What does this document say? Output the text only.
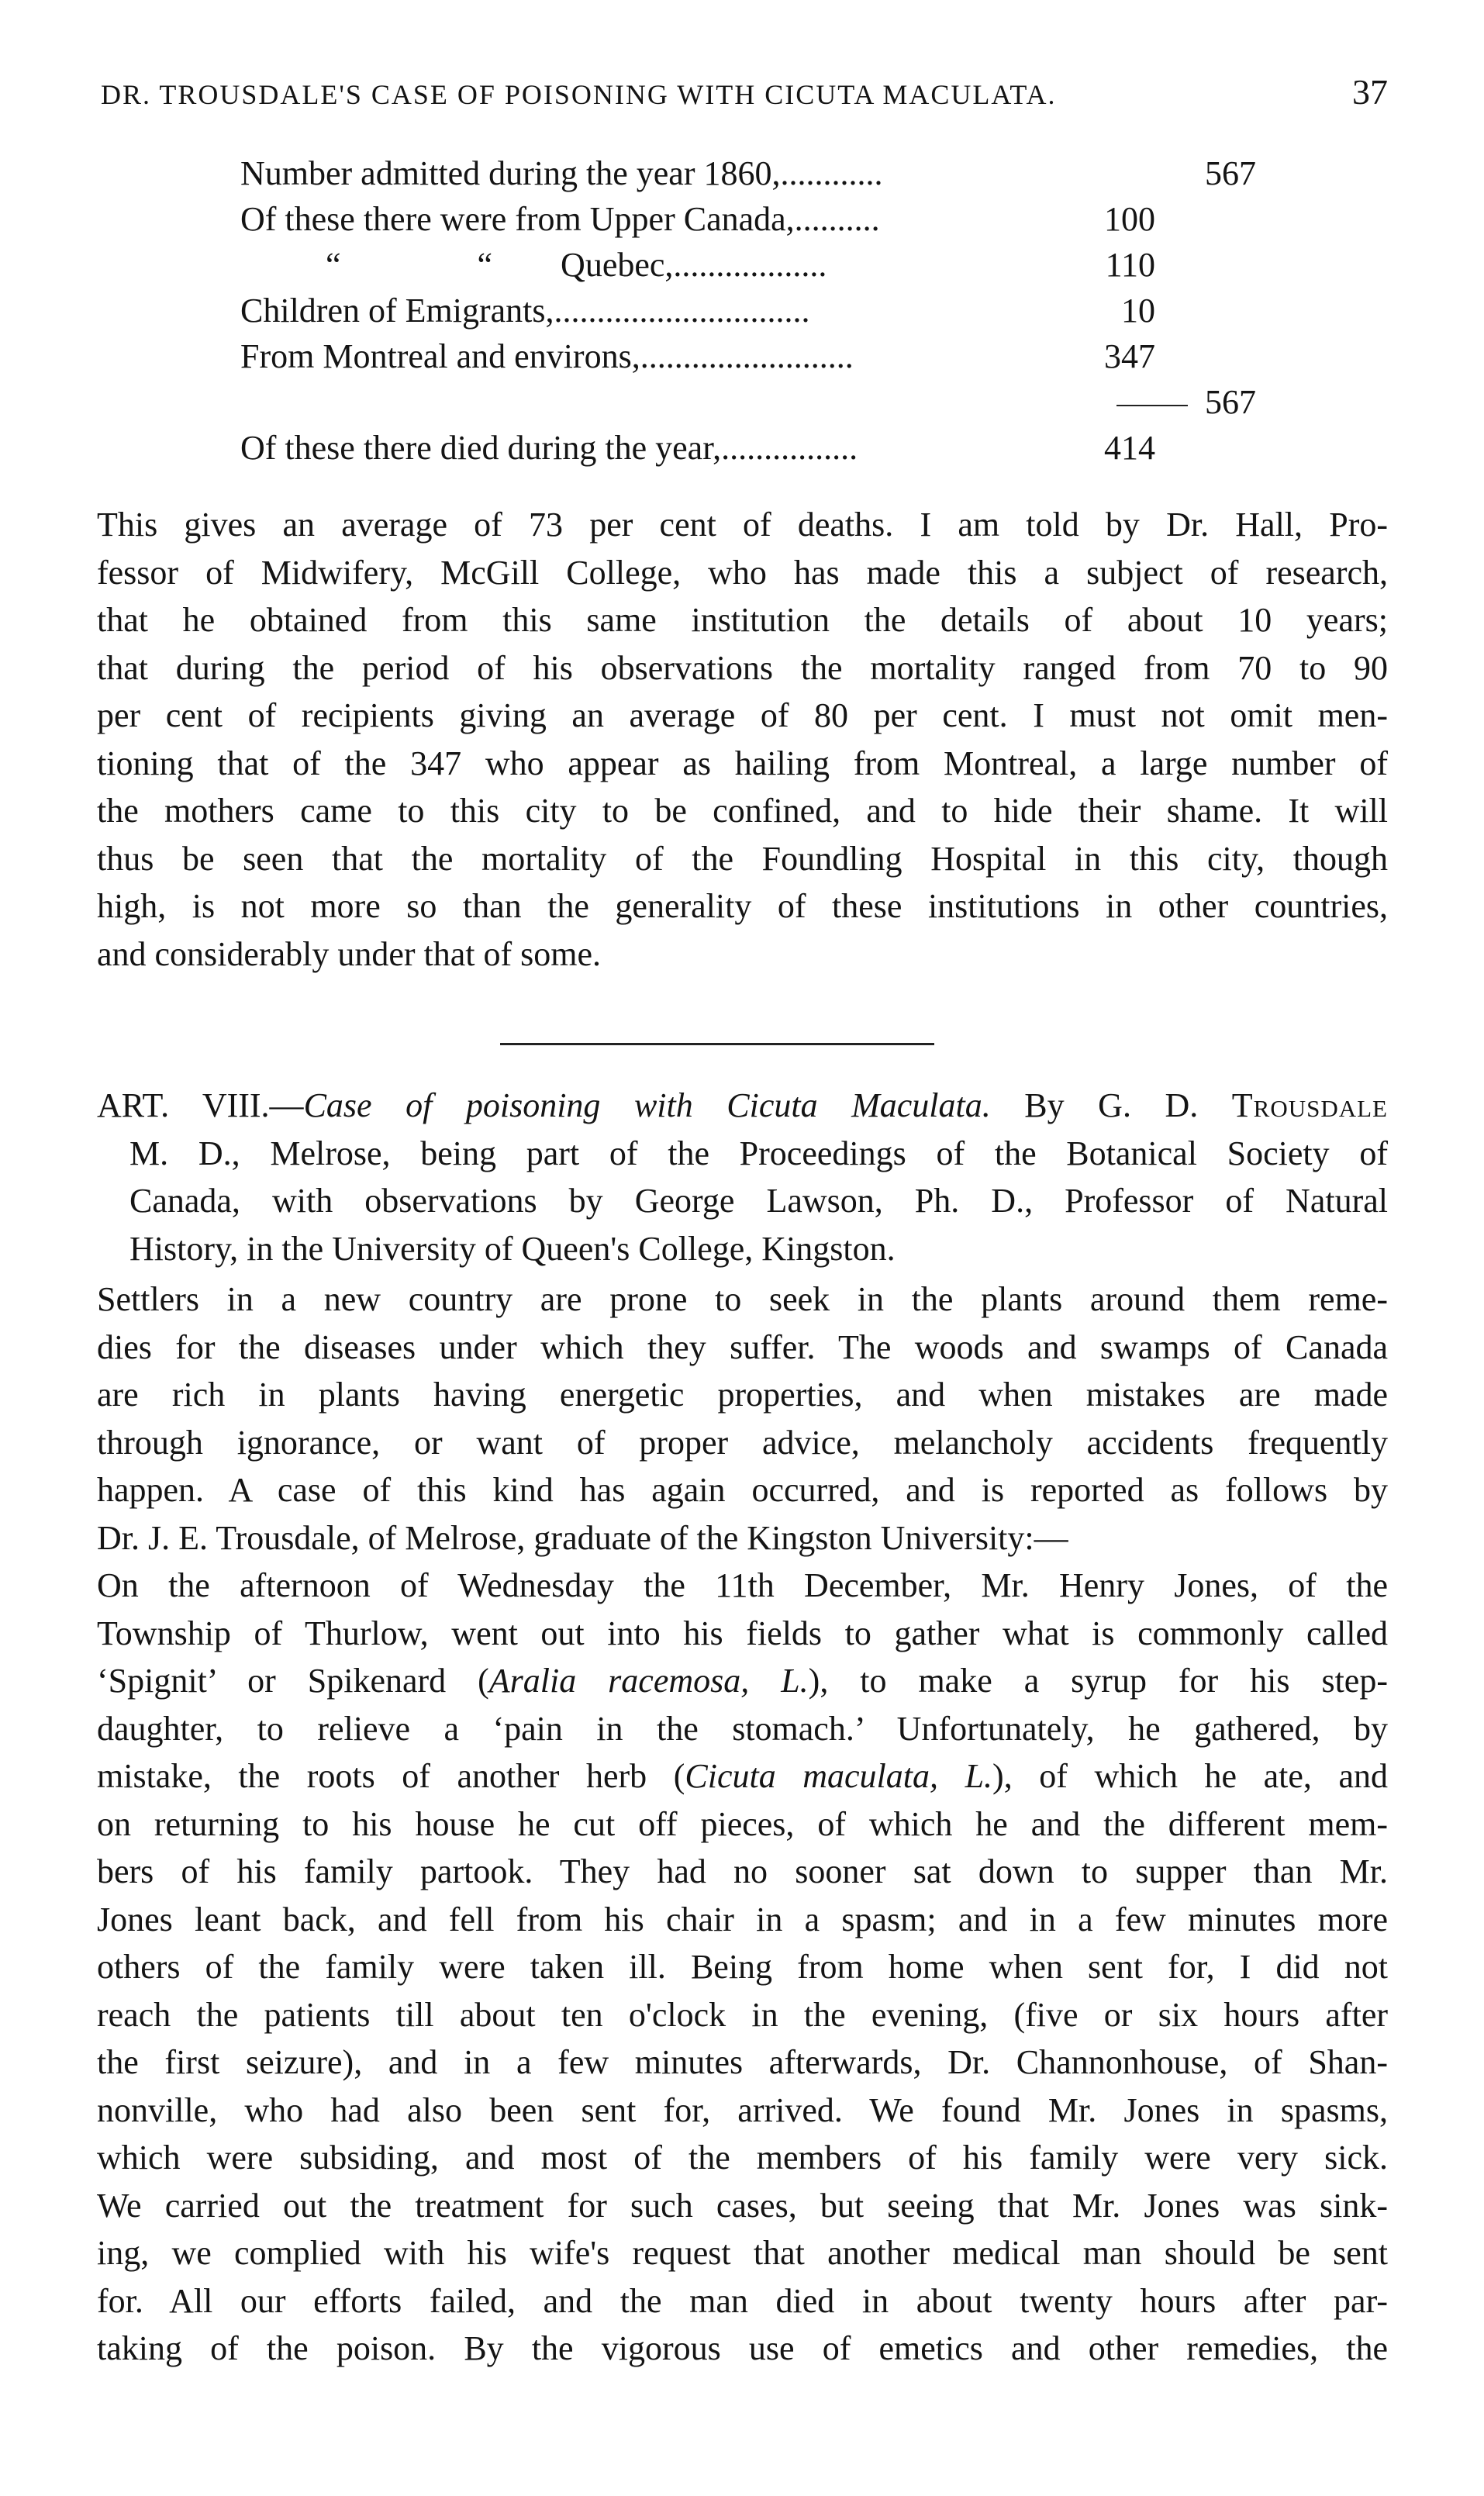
DR. TROUSDALE'S CASE OF POISONING WITH CICUTA MACULATA.	37
Number admitted during the year 1860,............	567
Of these there were from Upper Canada,..........	100
“    “  Quebec,..................	110
Children of Emigrants,..............................	10
From Montreal and environs,.........................	347
567
Of these there died during the year,................	414
This gives an average of 73 per cent of deaths. I am told by Dr. Hall, Pro-
fessor of Midwifery, McGill College, who has made this a subject of research,
that he obtained from this same institution the details of about 10 years;
that during the period of his observations the mortality ranged from 70 to 90
per cent of recipients giving an average of 80 per cent. I must not omit men-
tioning that of the 347 who appear as hailing from Montreal, a large number of
the mothers came to this city to be confined, and to hide their shame. It will
thus be seen that the mortality of the Foundling Hospital in this city, though
high, is not more so than the generality of these institutions in other countries,
and considerably under that of some.
ART. VIII.—Case of poisoning with Cicuta Maculata. By G. D. Trousdale
M. D., Melrose, being part of the Proceedings of the Botanical Society of
Canada, with observations by George Lawson, Ph. D., Professor of Natural
History, in the University of Queen's College, Kingston.
Settlers in a new country are prone to seek in the plants around them reme-
dies for the diseases under which they suffer. The woods and swamps of Canada
are rich in plants having energetic properties, and when mistakes are made
through ignorance, or want of proper advice, melancholy accidents frequently
happen. A case of this kind has again occurred, and is reported as follows by
Dr. J. E. Trousdale, of Melrose, graduate of the Kingston University:—
On the afternoon of Wednesday the 11th December, Mr. Henry Jones, of the
Township of Thurlow, went out into his fields to gather what is commonly called
‘Spignit’ or Spikenard (Aralia racemosa, L.), to make a syrup for his step-
daughter, to relieve a ‘pain in the stomach.’ Unfortunately, he gathered, by
mistake, the roots of another herb (Cicuta maculata, L.), of which he ate, and
on returning to his house he cut off pieces, of which he and the different mem-
bers of his family partook. They had no sooner sat down to supper than Mr.
Jones leant back, and fell from his chair in a spasm; and in a few minutes more
others of the family were taken ill. Being from home when sent for, I did not
reach the patients till about ten o'clock in the evening, (five or six hours after
the first seizure), and in a few minutes afterwards, Dr. Channonhouse, of Shan-
nonville, who had also been sent for, arrived. We found Mr. Jones in spasms,
which were subsiding, and most of the members of his family were very sick.
We carried out the treatment for such cases, but seeing that Mr. Jones was sink-
ing, we complied with his wife's request that another medical man should be sent
for. All our efforts failed, and the man died in about twenty hours after par-
taking of the poison. By the vigorous use of emetics and other remedies, the
